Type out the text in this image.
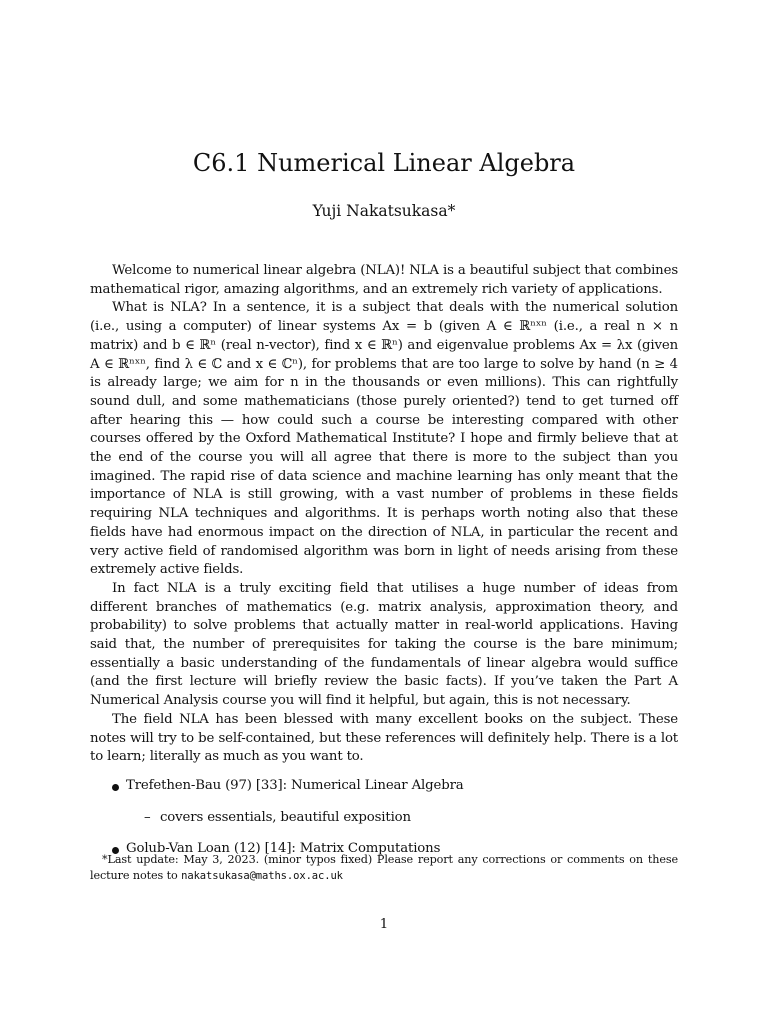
C6.1 Numerical Linear Algebra
Yuji Nakatsukasa*

Welcome to numerical linear algebra (NLA)! NLA is a beautiful subject that combines mathematical rigor, amazing algorithms, and an extremely rich variety of applications.

What is NLA? In a sentence, it is a subject that deals with the numerical solution (i.e., using a computer) of linear systems Ax = b (given A ∈ ℝⁿˣⁿ (i.e., a real n × n matrix) and b ∈ ℝⁿ (real n-vector), find x ∈ ℝⁿ) and eigenvalue problems Ax = λx (given A ∈ ℝⁿˣⁿ, find λ ∈ ℂ and x ∈ ℂⁿ), for problems that are too large to solve by hand (n ≥ 4 is already large; we aim for n in the thousands or even millions). This can rightfully sound dull, and some mathematicians (those purely oriented?) tend to get turned off after hearing this — how could such a course be interesting compared with other courses offered by the Oxford Mathematical Institute? I hope and firmly believe that at the end of the course you will all agree that there is more to the subject than you imagined. The rapid rise of data science and machine learning has only meant that the importance of NLA is still growing, with a vast number of problems in these fields requiring NLA techniques and algorithms. It is perhaps worth noting also that these fields have had enormous impact on the direction of NLA, in particular the recent and very active field of randomised algorithm was born in light of needs arising from these extremely active fields.

In fact NLA is a truly exciting field that utilises a huge number of ideas from different branches of mathematics (e.g. matrix analysis, approximation theory, and probability) to solve problems that actually matter in real-world applications. Having said that, the number of prerequisites for taking the course is the bare minimum; essentially a basic understanding of the fundamentals of linear algebra would suffice (and the first lecture will briefly review the basic facts). If you’ve taken the Part A Numerical Analysis course you will find it helpful, but again, this is not necessary.

The field NLA has been blessed with many excellent books on the subject. These notes will try to be self-contained, but these references will definitely help. There is a lot to learn; literally as much as you want to.

Trefethen-Bau (97) [33]: Numerical Linear Algebra
– covers essentials, beautiful exposition
Golub-Van Loan (12) [14]: Matrix Computations
*Last update: May 3, 2023. (minor typos fixed) Please report any corrections or comments on these lecture notes to nakatsukasa@maths.ox.ac.uk
1
